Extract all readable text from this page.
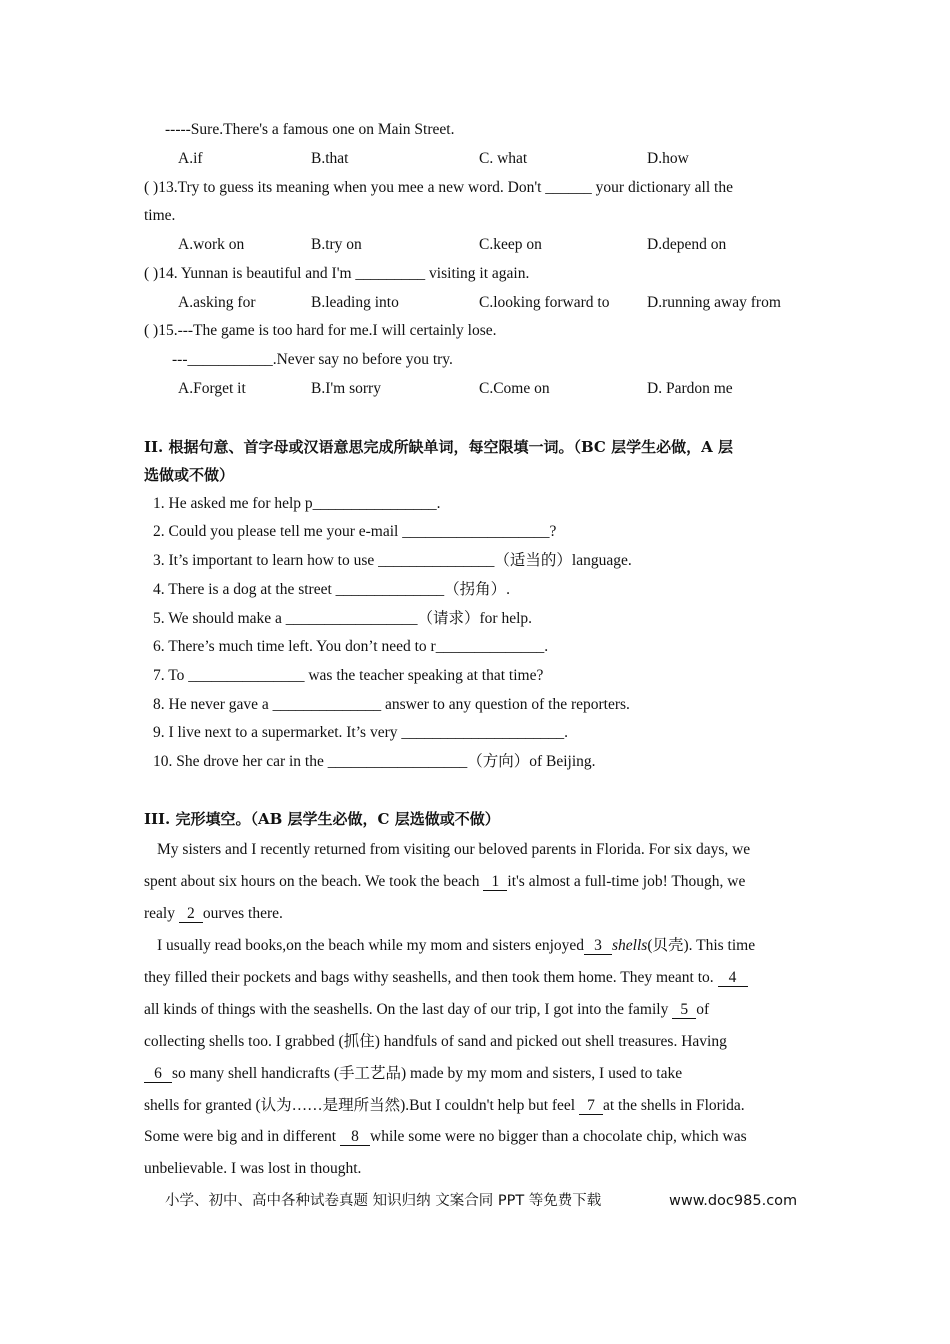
-----Sure.There's a famous one on Main Street.
A.if	B.that	C. what	D.how
( )13.Try to guess its meaning when you mee a new word. Don't ______ your dictionary all the
time.
A.work on	B.try on	C.keep on	D.depend on
( )14. Yunnan is beautiful and I'm _________ visiting it again.
A.asking for	B.leading into	C.looking forward to D.running away from
( )15.---The game is too hard for me.I will certainly lose.
---___________.Never say no before you try.
A.Forget it	B.I'm sorry	C.Come on	D. Pardon me
II. 根据句意、首字母或汉语意思完成所缺单词，每空限填一词。（BC 层学生必做，A 层
选做或不做）
1. He asked me for help p________________.
2. Could you please tell me your e-mail ___________________?
3. It’s important to learn how to use _______________（适当的）language.
4. There is a dog at the street ______________（拐角）.
5. We should make a _________________（请求）for help.
6. There’s much time left. You don’t need to r______________.
7. To _______________ was the teacher speaking at that time?
8. He never gave a ______________ answer to any question of the reporters.
9. I live next to a supermarket. It’s very _____________________.
10. She drove her car in the __________________（方向）of Beijing.
III. 完形填空。（AB 层学生必做，C 层选做或不做）
My sisters and I recently returned from visiting our beloved parents in Florida. For six days, we
spent about six hours on the beach. We took the beach 1 it's almost a full-time job! Though, we
realy 2 ourves there.
I usually read books,on the beach while my mom and sisters enjoyed 3 shells(贝壳). This time
they filled their pockets and bags withy seashells, and then took them home. They meant to. 4
all kinds of things with the seashells. On the last day of our trip, I got into the family 5 of
collecting shells too. I grabbed (抓住) handfuls of sand and picked out shell treasures. Having
6 so many shell handicrafts (手工艺品) made by my mom and sisters, I used to take
shells for granted (认为……是理所当然).But I couldn't help but feel 7 at the shells in Florida.
Some were big and in different 8 while some were no bigger than a chocolate chip, which was
unbelievable. I was lost in thought.
小学、初中、高中各种试卷真题 知识归纳 文案合同 PPT 等免费下载	www.doc985.com
